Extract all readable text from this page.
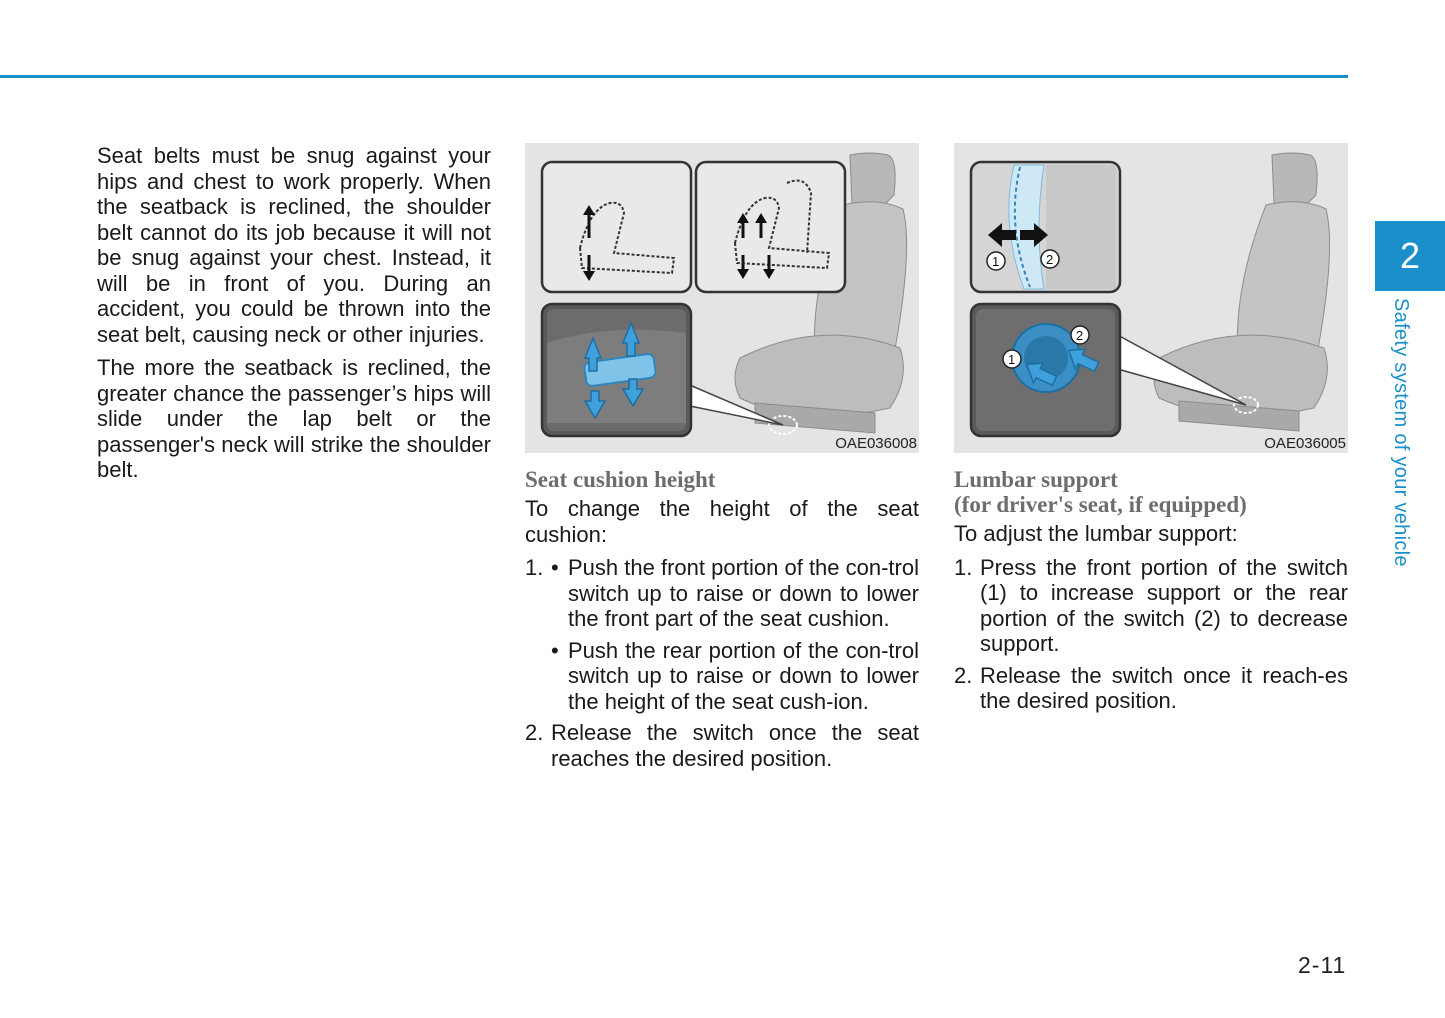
Seat belts must be snug against your hips and chest to work properly. When the seatback is reclined, the shoulder belt cannot do its job because it will not be snug against your chest. Instead, it will be in front of you. During an accident, you could be thrown into the seat belt, causing neck or other injuries.

The more the seatback is reclined, the greater chance the passenger’s hips will slide under the lap belt or the passenger's neck will strike the shoulder belt.

OAE036008
Seat cushion height

To change the height of the seat cushion:

1. • Push the front portion of the con-trol switch up to raise or down to lower the front part of the seat cushion.
• Push the rear portion of the con-trol switch up to raise or down to lower the height of the seat cush-ion.
2. Release the switch once the seat reaches the desired position.
1	2
1
2
OAE036005
Lumbar support
(for driver's seat, if equipped)

To adjust the lumbar support:

1. Press the front portion of the switch (1) to increase support or the rear portion of the switch (2) to decrease support.
2. Release the switch once it reach-es the desired position.
2
Safety system of your vehicle
2-11
